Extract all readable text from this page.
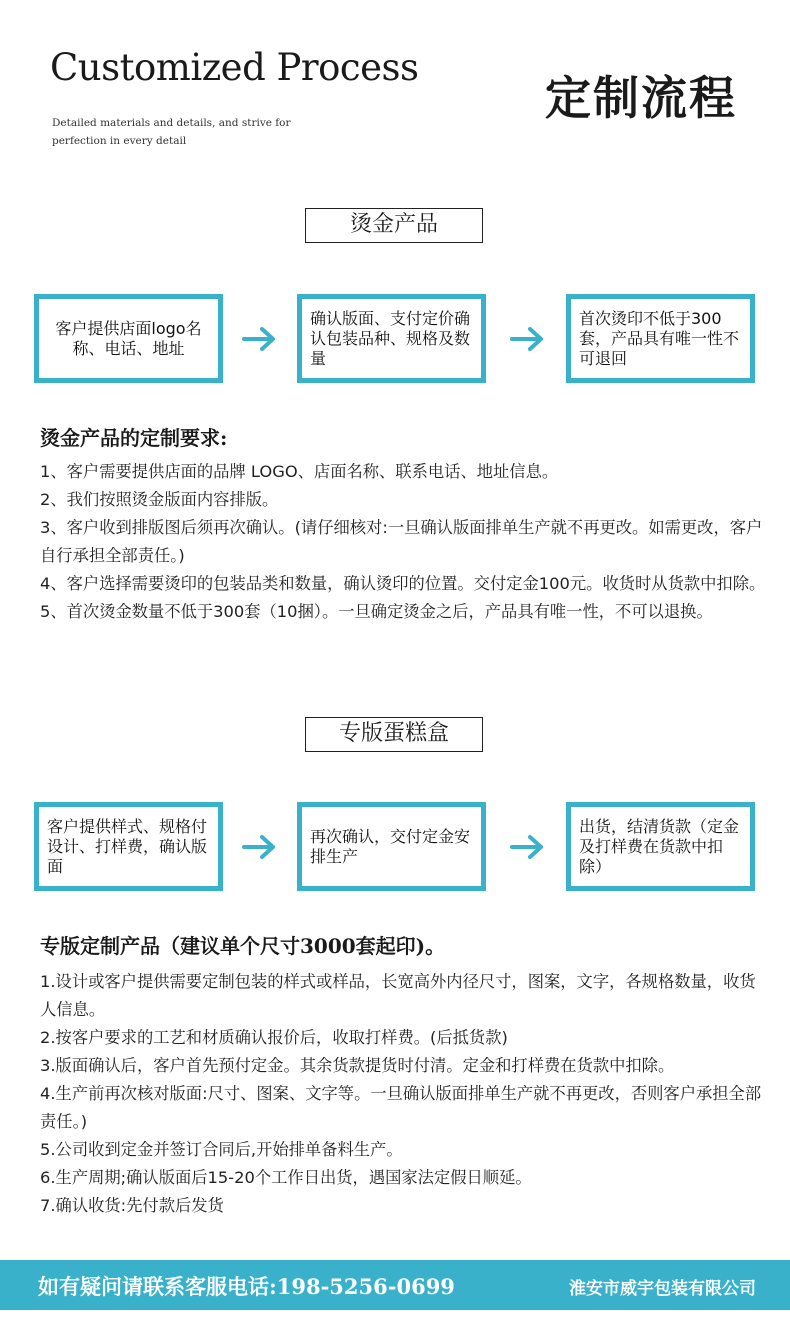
Customized Process
Detailed materials and details, and strive for perfection in every detail
定制流程
烫金产品
客户提供店面logo名称、电话、地址
确认版面、支付定价确认包装品种、规格及数量
首次烫印不低于300套，产品具有唯一性不可退回
烫金产品的定制要求:
1、客户需要提供店面的品牌 LOGO、店面名称、联系电话、地址信息。
2、我们按照烫金版面内容排版。
3、客户收到排版图后须再次确认。(请仔细核对:一旦确认版面排单生产就不再更改。如需更改，客户自行承担全部责任。)
4、客户选择需要烫印的包装品类和数量，确认烫印的位置。交付定金100元。收货时从货款中扣除。
5、首次烫金数量不低于300套（10捆）。一旦确定烫金之后，产品具有唯一性，不可以退换。
专版蛋糕盒
客户提供样式、规格付设计、打样费，确认版面
再次确认，交付定金安排生产
出货，结清货款（定金及打样费在货款中扣除）
专版定制产品（建议单个尺寸3000套起印)。
1.设计或客户提供需要定制包装的样式或样品，长宽高外内径尺寸，图案，文字，各规格数量，收货人信息。
2.按客户要求的工艺和材质确认报价后，收取打样费。(后抵货款)
3.版面确认后，客户首先预付定金。其余货款提货时付清。定金和打样费在货款中扣除。
4.生产前再次核对版面:尺寸、图案、文字等。一旦确认版面排单生产就不再更改，否则客户承担全部责任。)
5.公司收到定金并签订合同后,开始排单备料生产。
6.生产周期;确认版面后15-20个工作日出货，遇国家法定假日顺延。
7.确认收货:先付款后发货
如有疑问请联系客服电话:198-5256-0699	淮安市威宇包装有限公司
